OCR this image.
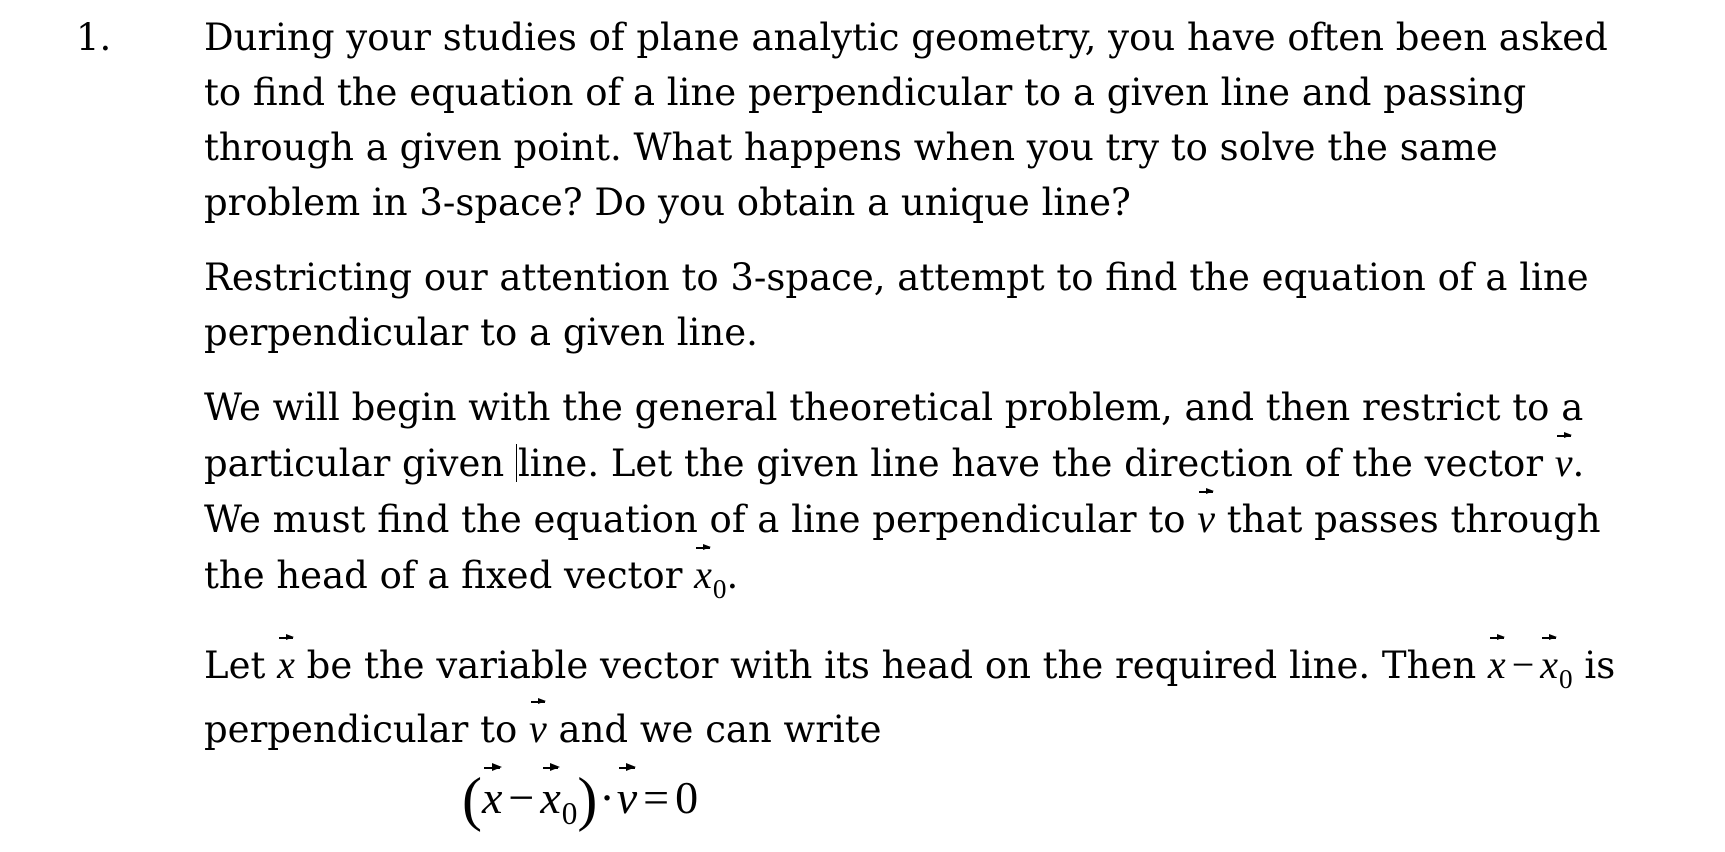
1.	During your studies of plane analytic geometry, you have often been asked to find the equation of a line perpendicular to a given line and passing through a given point. What happens when you try to solve the same problem in 3-space? Do you obtain a unique line?

Restricting our attention to 3-space, attempt to find the equation of a line perpendicular to a given line.

We will begin with the general theoretical problem, and then restrict to a particular given line. Let the given line have the direction of the vector v. We must find the equation of a line perpendicular to v that passes through the head of a fixed vector $x_0$.

Let x be the variable vector with its head on the required line. Then $x - x_0$ is perpendicular to v and we can write

$(x - x_0)\cdot v = 0$
